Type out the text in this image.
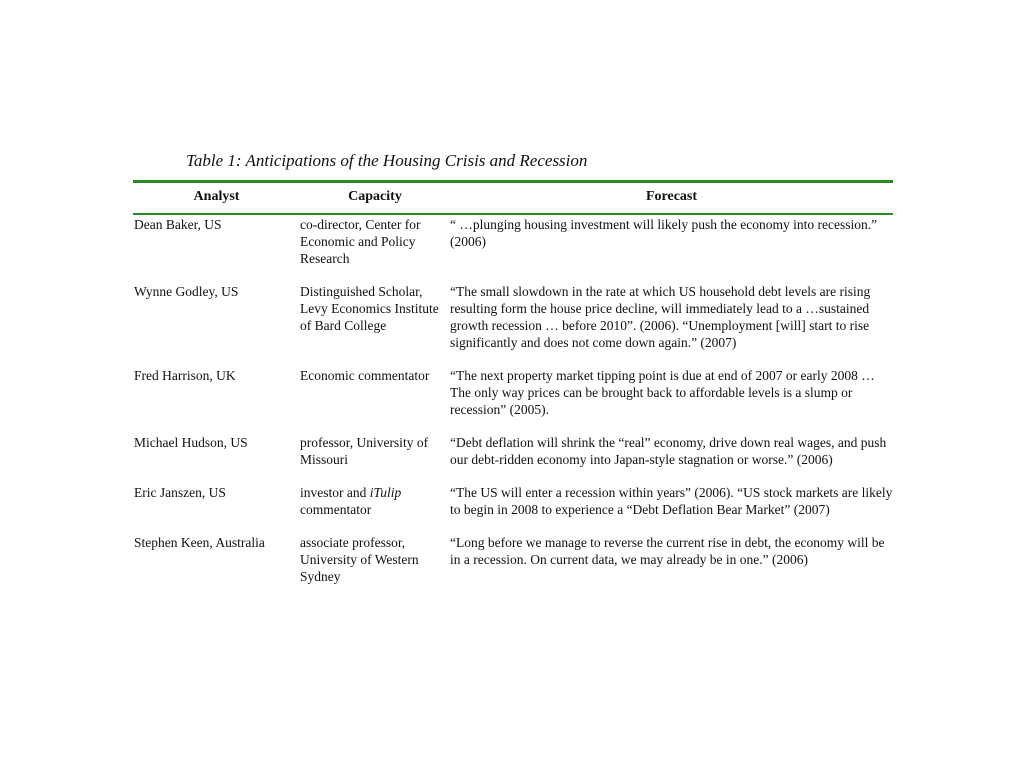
Table 1: Anticipations of the Housing Crisis and Recession
Analyst	Capacity	Forecast

Dean Baker, US	co-director, Center for Economic and Policy Research	“ …plunging housing investment will likely push the economy into recession.” (2006)
Wynne Godley, US	Distinguished Scholar, Levy Economics Institute of Bard College	“The small slowdown in the rate at which US household debt levels are rising resulting form the house price decline, will immediately lead to a …sustained growth recession … before 2010”. (2006). “Unemployment [will] start to rise significantly and does not come down again.” (2007)
Fred Harrison, UK	Economic commentator	“The next property market tipping point is due at end of 2007 or early 2008 …The only way prices can be brought back to affordable levels is a slump or recession” (2005).
Michael Hudson, US	professor, University of Missouri	“Debt deflation will shrink the “real” economy, drive down real wages, and push our debt-ridden economy into Japan-style stagnation or worse.” (2006)
Eric Janszen, US	investor and iTulip commentator	“The US will enter a recession within years” (2006). “US stock markets are likely to begin in 2008 to experience a “Debt Deflation Bear Market” (2007)
Stephen Keen, Australia	associate professor, University of Western Sydney	“Long before we manage to reverse the current rise in debt, the economy will be in a recession. On current data, we may already be in one.” (2006)
